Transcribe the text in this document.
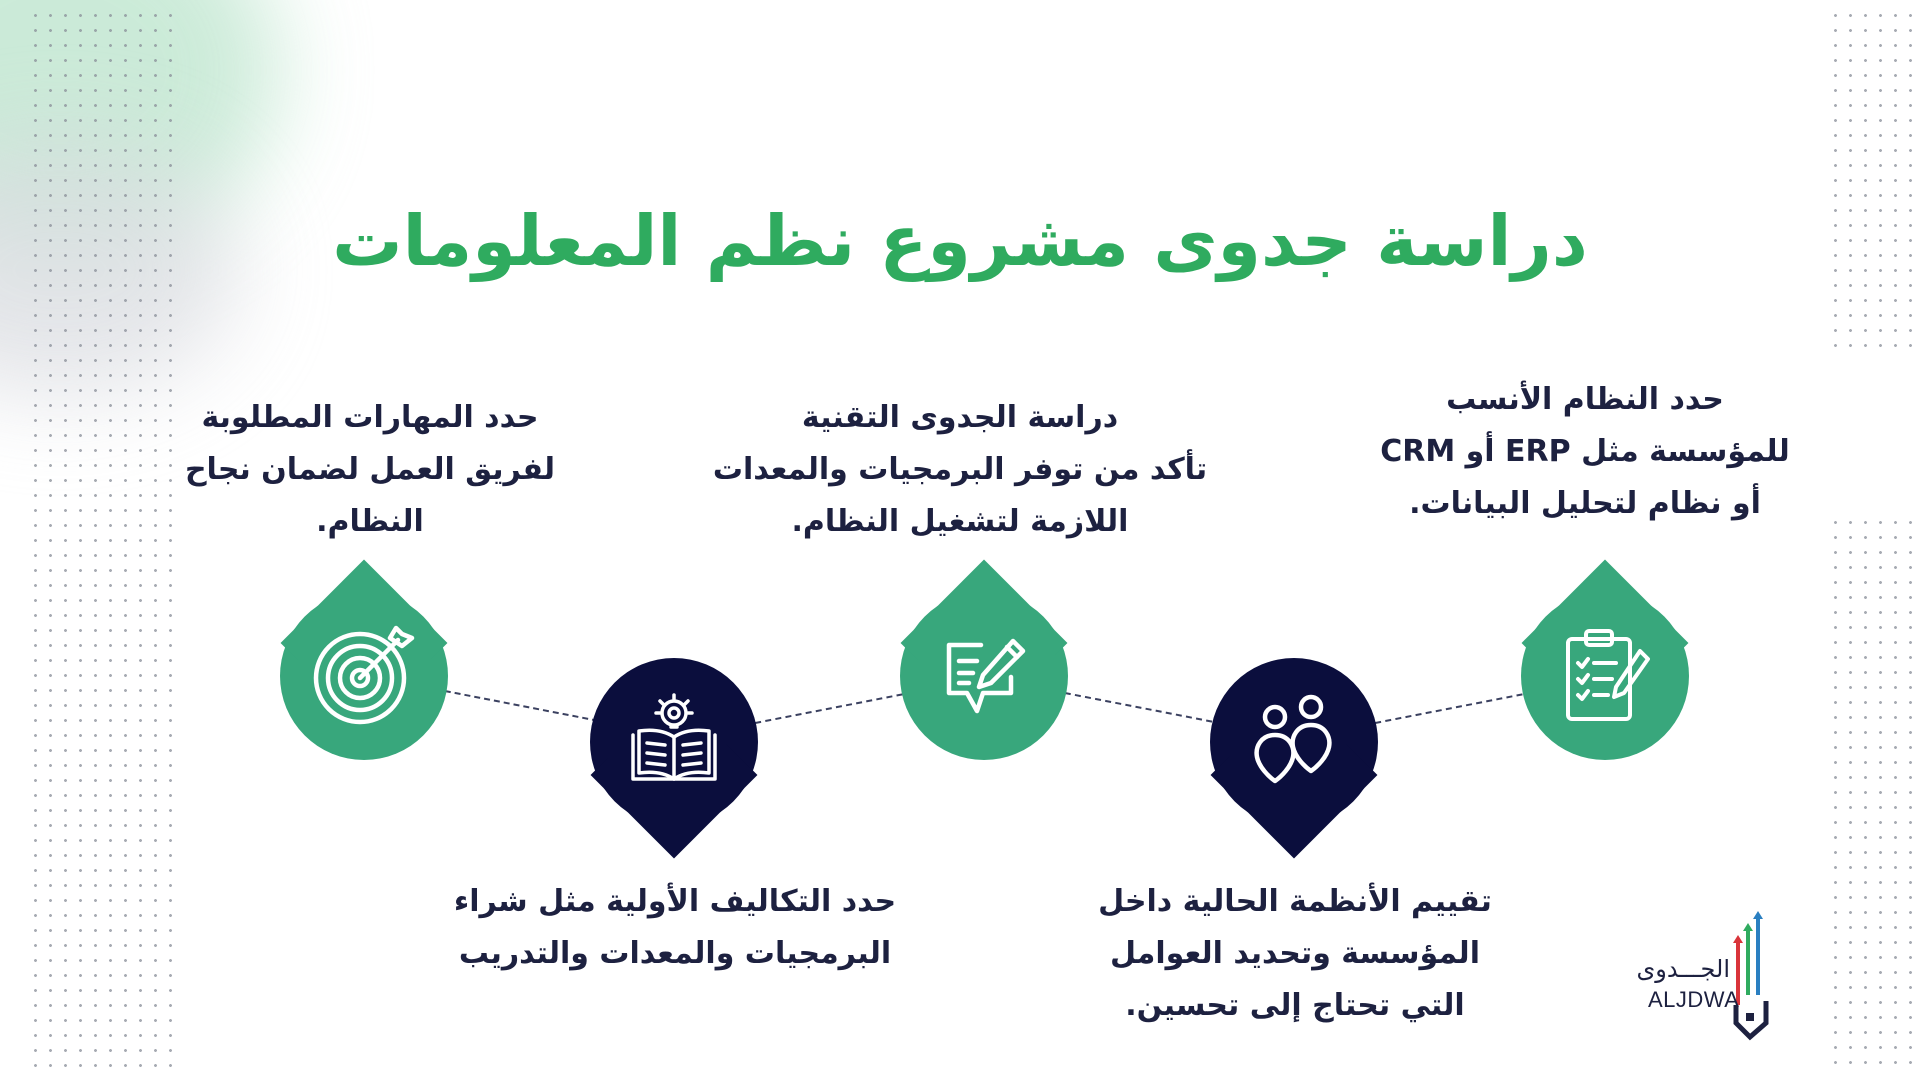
دراسة جدوى مشروع نظم المعلومات
حدد النظام الأنسب
للمؤسسة مثل ERP أو CRM
أو نظام لتحليل البيانات.
تقييم الأنظمة الحالية داخل
المؤسسة وتحديد العوامل
التي تحتاج إلى تحسين.
دراسة الجدوى التقنية
تأكد من توفر البرمجيات والمعدات
اللازمة لتشغيل النظام.
حدد التكاليف الأولية مثل شراء
البرمجيات والمعدات والتدريب
حدد المهارات المطلوبة
لفريق العمل لضمان نجاح
النظام.
الجـــدوى
ALJDWA
